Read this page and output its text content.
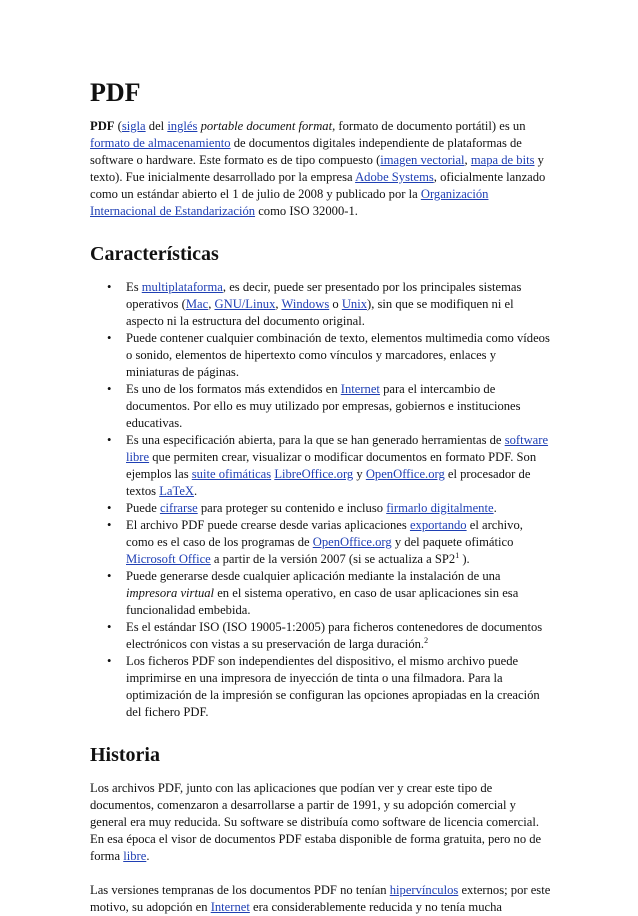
PDF

PDF (sigla del inglés portable document format, formato de documento portátil) es un formato de almacenamiento de documentos digitales independiente de plataformas de software o hardware. Este formato es de tipo compuesto (imagen vectorial, mapa de bits y texto). Fue inicialmente desarrollado por la empresa Adobe Systems, oficialmente lanzado como un estándar abierto el 1 de julio de 2008 y publicado por la Organización Internacional de Estandarización como ISO 32000-1.

Características
• Es multiplataforma, es decir, puede ser presentado por los principales sistemas operativos (Mac, GNU/Linux, Windows o Unix), sin que se modifiquen ni el aspecto ni la estructura del documento original.
• Puede contener cualquier combinación de texto, elementos multimedia como vídeos o sonido, elementos de hipertexto como vínculos y marcadores, enlaces y miniaturas de páginas.
• Es uno de los formatos más extendidos en Internet para el intercambio de documentos. Por ello es muy utilizado por empresas, gobiernos e instituciones educativas.
• Es una especificación abierta, para la que se han generado herramientas de software libre que permiten crear, visualizar o modificar documentos en formato PDF. Son ejemplos las suite ofimáticas LibreOffice.org y OpenOffice.org el procesador de textos LaTeX.
• Puede cifrarse para proteger su contenido e incluso firmarlo digitalmente.
• El archivo PDF puede crearse desde varias aplicaciones exportando el archivo, como es el caso de los programas de OpenOffice.org y del paquete ofimático Microsoft Office a partir de la versión 2007 (si se actualiza a $SP2^1$ ).
• Puede generarse desde cualquier aplicación mediante la instalación de una impresora virtual en el sistema operativo, en caso de usar aplicaciones sin esa funcionalidad embebida.
• Es el estándar ISO (ISO 19005-1:2005) para ficheros contenedores de documentos electrónicos con vistas a su preservación de larga duración.$^2$
• Los ficheros PDF son independientes del dispositivo, el mismo archivo puede imprimirse en una impresora de inyección de tinta o una filmadora. Para la optimización de la impresión se configuran las opciones apropiadas en la creación del fichero PDF.
Historia

Los archivos PDF, junto con las aplicaciones que podían ver y crear este tipo de documentos, comenzaron a desarrollarse a partir de 1991, y su adopción comercial y general era muy reducida. Su software se distribuía como software de licencia comercial. En esa época el visor de documentos PDF estaba disponible de forma gratuita, pero no de forma libre.

Las versiones tempranas de los documentos PDF no tenían hipervínculos externos; por este motivo, su adopción en Internet era considerablemente reducida y no tenía mucha
